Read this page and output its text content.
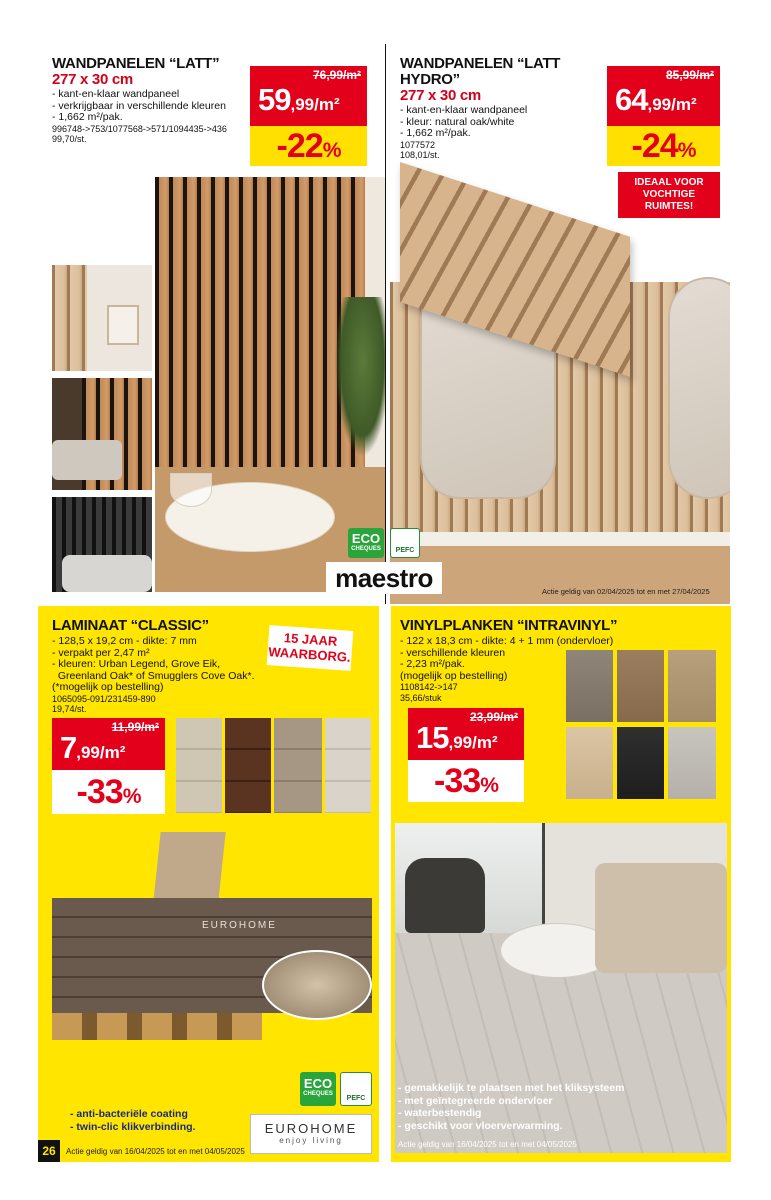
WANDPANELEN “LATT”
277 x 30 cm
- kant-en-klaar wandpaneel
- verkrijgbaar in verschillende kleuren
- 1,662 m²/pak.
996748->753/1077568->571/1094435->436
99,70/st.
76,99/m²
59,99/m²
-22%
ECO
CHEQUES
WANDPANELEN “LATT HYDRO”
277 x 30 cm
- kant-en-klaar wandpaneel
- kleur: natural oak/white
- 1,662 m²/pak.
1077572
108,01/st.
85,99/m²
64,99/m²
-24%
IDEAAL VOOR
VOCHTIGE RUIMTES!
PEFC
maestro	Actie geldig van 02/04/2025 tot en met 27/04/2025
LAMINAAT “CLASSIC”
- 128,5 x 19,2 cm - dikte: 7 mm
- verpakt per 2,47 m²
- kleuren: Urban Legend, Grove Eik,
Greenland Oak* of Smugglers Cove Oak*.
(*mogelijk op bestelling)
1065095-091/231459-890
19,74/st.
15 JAAR
WAARBORG.
11,99/m²
7,99/m²
-33%
EUROHOME
ECO
CHEQUES
PEFC
- anti-bacteriële coating
- twin-clic klikverbinding.	EUROHOME
enjoy living
26	Actie geldig van 16/04/2025 tot en met 04/05/2025
VINYLPLANKEN “INTRAVINYL”
- 122 x 18,3 cm - dikte: 4 + 1 mm (ondervloer)
- verschillende kleuren
- 2,23 m²/pak.
(mogelijk op bestelling)
1108142->147
35,66/stuk
23,99/m²
15,99/m²
-33%
- gemakkelijk te plaatsen met het kliksysteem
- met geïntegreerde ondervloer
- waterbestendig
- geschikt voor vloerverwarming.
Actie geldig van 16/04/2025 tot en met 04/05/2025
